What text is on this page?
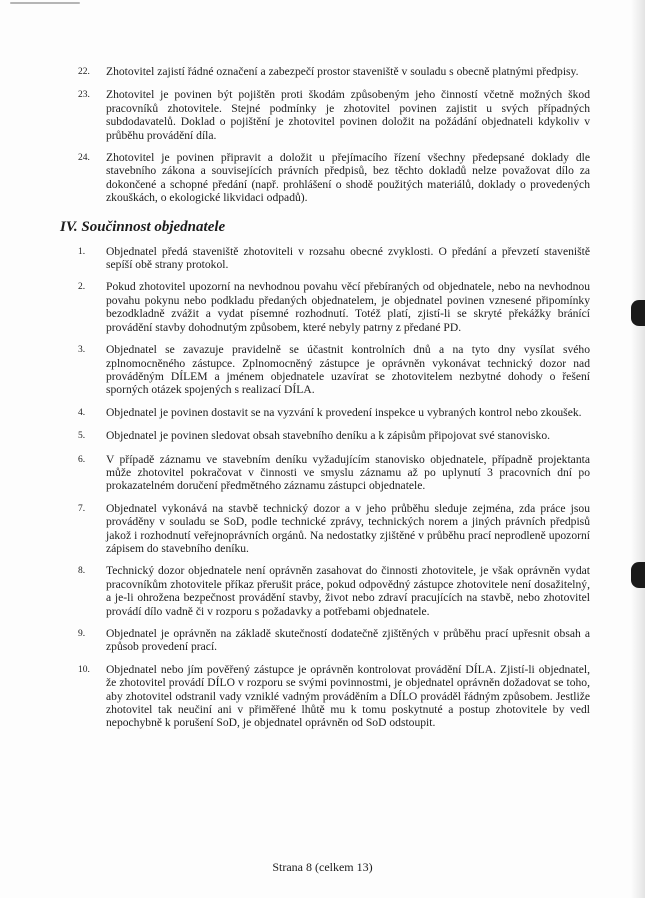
22.	Zhotovitel zajistí řádné označení a zabezpečí prostor staveniště v souladu s obecně platnými předpisy.
23.	Zhotovitel je povinen být pojištěn proti škodám způsobeným jeho činností včetně možných škod pracovníků zhotovitele. Stejné podmínky je zhotovitel povinen zajistit u svých případných subdodavatelů. Doklad o pojištění je zhotovitel povinen doložit na požádání objednateli kdykoliv v průběhu provádění díla.
24.	Zhotovitel je povinen připravit a doložit u přejímacího řízení všechny předepsané doklady dle stavebního zákona a souvisejících právních předpisů, bez těchto dokladů nelze považovat dílo za dokončené a schopné předání (např. prohlášení o shodě použitých materiálů, doklady o provedených zkouškách, o ekologické likvidaci odpadů).
IV. Součinnost objednatele
1.	Objednatel předá staveniště zhotoviteli v rozsahu obecné zvyklosti. O předání a převzetí staveniště sepíší obě strany protokol.
2.	Pokud zhotovitel upozorní na nevhodnou povahu věcí přebíraných od objednatele, nebo na nevhodnou povahu pokynu nebo podkladu předaných objednatelem, je objednatel povinen vznesené připomínky bezodkladně zvážit a vydat písemné rozhodnutí. Totéž platí, zjistí-li se skryté překážky bránící provádění stavby dohodnutým způsobem, které nebyly patrny z předané PD.
3.	Objednatel se zavazuje pravidelně se účastnit kontrolních dnů a na tyto dny vysílat svého zplnomocněného zástupce. Zplnomocněný zástupce je oprávněn vykonávat technický dozor nad prováděným DÍLEM a jménem objednatele uzavírat se zhotovitelem nezbytné dohody o řešení sporných otázek spojených s realizací DÍLA.
4.	Objednatel je povinen dostavit se na vyzvání k provedení inspekce u vybraných kontrol nebo zkoušek.
5.	Objednatel je povinen sledovat obsah stavebního deníku a k zápisům připojovat své stanovisko.
6.	V případě záznamu ve stavebním deníku vyžadujícím stanovisko objednatele, případně projektanta může zhotovitel pokračovat v činnosti ve smyslu záznamu až po uplynutí 3 pracovních dní po prokazatelném doručení předmětného záznamu zástupci objednatele.
7.	Objednatel vykonává na stavbě technický dozor a v jeho průběhu sleduje zejména, zda práce jsou prováděny v souladu se SoD, podle technické zprávy, technických norem a jiných právních předpisů jakož i rozhodnutí veřejnoprávních orgánů. Na nedostatky zjištěné v průběhu prací neprodleně upozorní zápisem do stavebního deníku.
8.	Technický dozor objednatele není oprávněn zasahovat do činnosti zhotovitele, je však oprávněn vydat pracovníkům zhotovitele příkaz přerušit práce, pokud odpovědný zástupce zhotovitele není dosažitelný, a je-li ohrožena bezpečnost provádění stavby, život nebo zdraví pracujících na stavbě, nebo zhotovitel provádí dílo vadně či v rozporu s požadavky a potřebami objednatele.
9.	Objednatel je oprávněn na základě skutečností dodatečně zjištěných v průběhu prací upřesnit obsah a způsob provedení prací.
10.	Objednatel nebo jím pověřený zástupce je oprávněn kontrolovat provádění DÍLA. Zjistí-li objednatel, že zhotovitel provádí DÍLO v rozporu se svými povinnostmi, je objednatel oprávněn dožadovat se toho, aby zhotovitel odstranil vady vzniklé vadným prováděním a DÍLO prováděl řádným způsobem. Jestliže zhotovitel tak neučiní ani v přiměřené lhůtě mu k tomu poskytnuté a postup zhotovitele by vedl nepochybně k porušení SoD, je objednatel oprávněn od SoD odstoupit.
Strana 8 (celkem 13)
